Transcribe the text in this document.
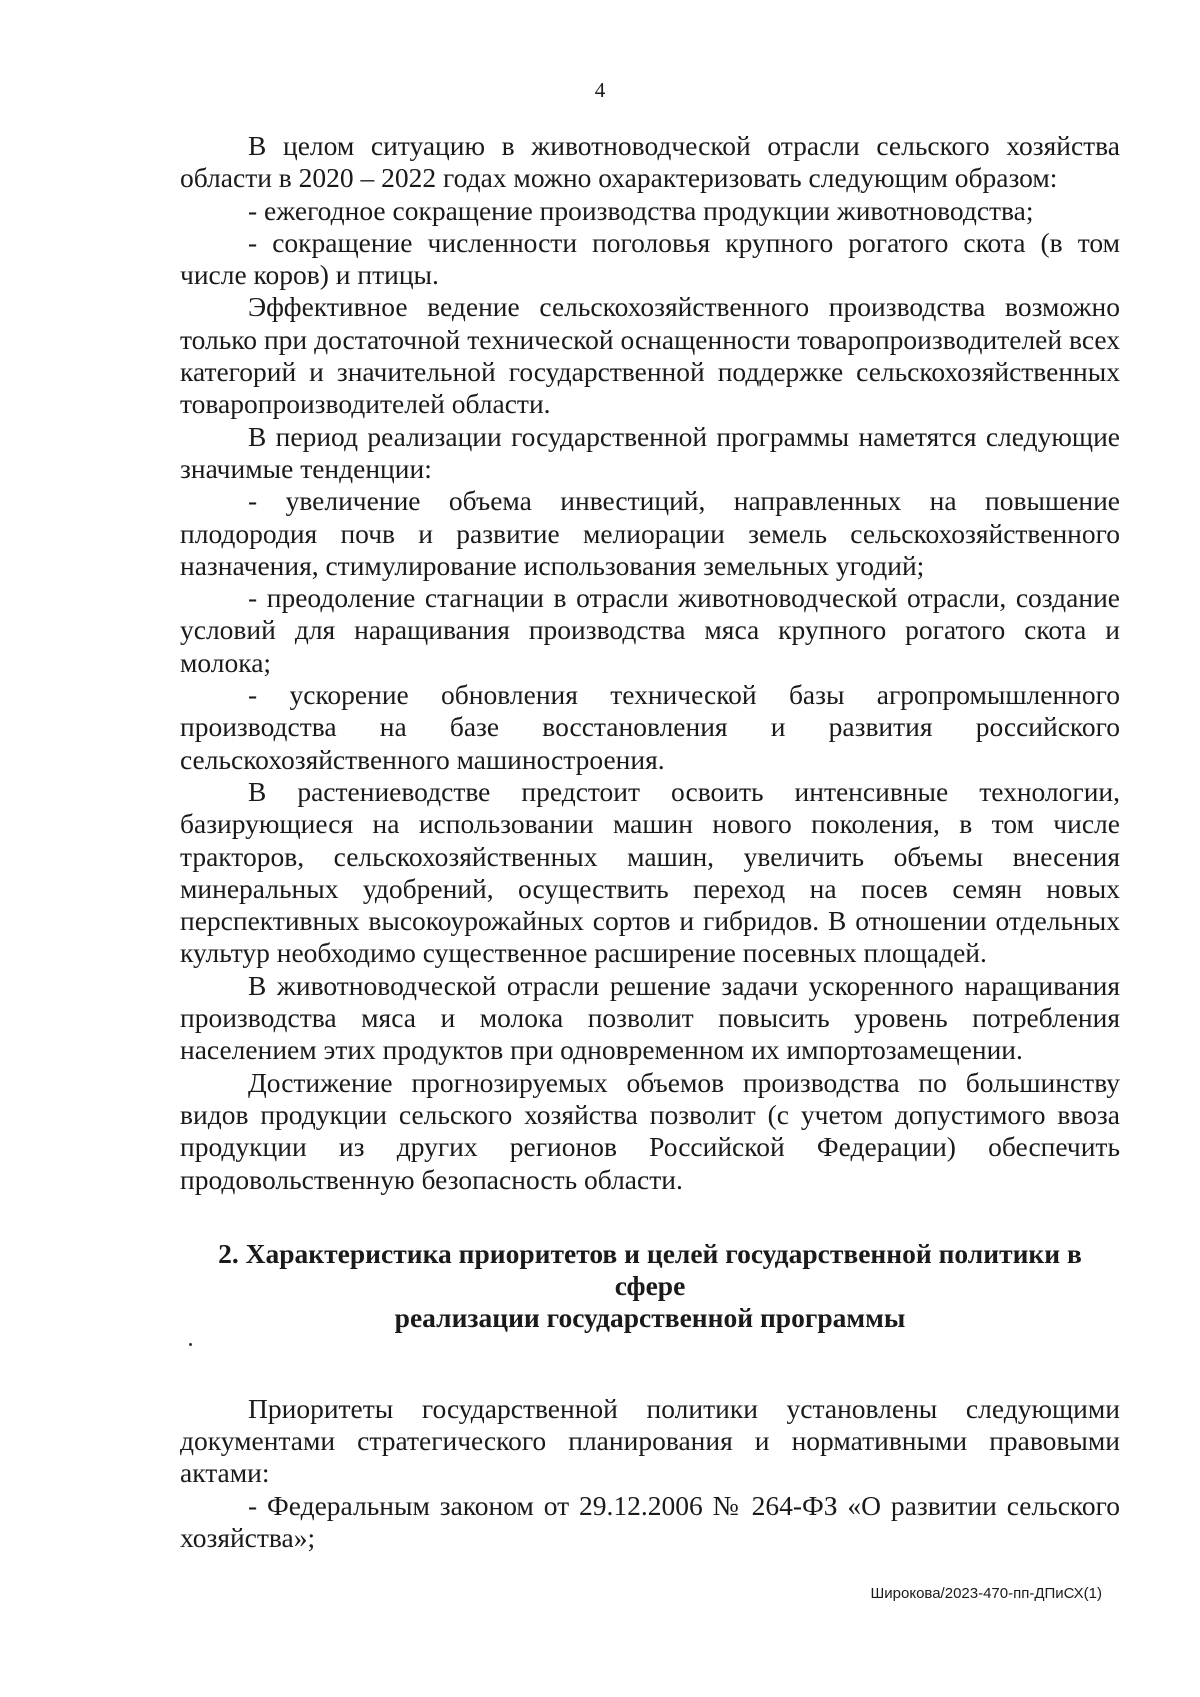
4

В целом ситуацию в животноводческой отрасли сельского хозяйства области в 2020 – 2022 годах можно охарактеризовать следующим образом:

- ежегодное сокращение производства продукции животноводства;

- сокращение численности поголовья крупного рогатого скота (в том числе коров) и птицы.

Эффективное ведение сельскохозяйственного производства возможно только при достаточной технической оснащенности товаропроизводителей всех категорий и значительной государственной поддержке сельскохозяйственных товаропроизводителей области.

В период реализации государственной программы наметятся следующие значимые тенденции:

- увеличение объема инвестиций, направленных на повышение плодородия почв и развитие мелиорации земель сельскохозяйственного назначения, стимулирование использования земельных угодий;

- преодоление стагнации в отрасли животноводческой отрасли, создание условий для наращивания производства мяса крупного рогатого скота и молока;

- ускорение обновления технической базы агропромышленного производства на базе восстановления и развития российского сельскохозяйственного машиностроения.

В растениеводстве предстоит освоить интенсивные технологии, базирующиеся на использовании машин нового поколения, в том числе тракторов, сельскохозяйственных машин, увеличить объемы внесения минеральных удобрений, осуществить переход на посев семян новых перспективных высокоурожайных сортов и гибридов. В отношении отдельных культур необходимо существенное расширение посевных площадей.

В животноводческой отрасли решение задачи ускоренного наращивания производства мяса и молока позволит повысить уровень потребления населением этих продуктов при одновременном их импортозамещении.

Достижение прогнозируемых объемов производства по большинству видов продукции сельского хозяйства позволит (с учетом допустимого ввоза продукции из других регионов Российской Федерации) обеспечить продовольственную безопасность области.

2. Характеристика приоритетов и целей государственной политики в сфере
реализации государственной программы

Приоритеты государственной политики установлены следующими документами стратегического планирования и нормативными правовыми актами:

- Федеральным законом от 29.12.2006 № 264-ФЗ «О развитии сельского хозяйства»;

Широкова/2023-470-пп-ДПиСХ(1)
